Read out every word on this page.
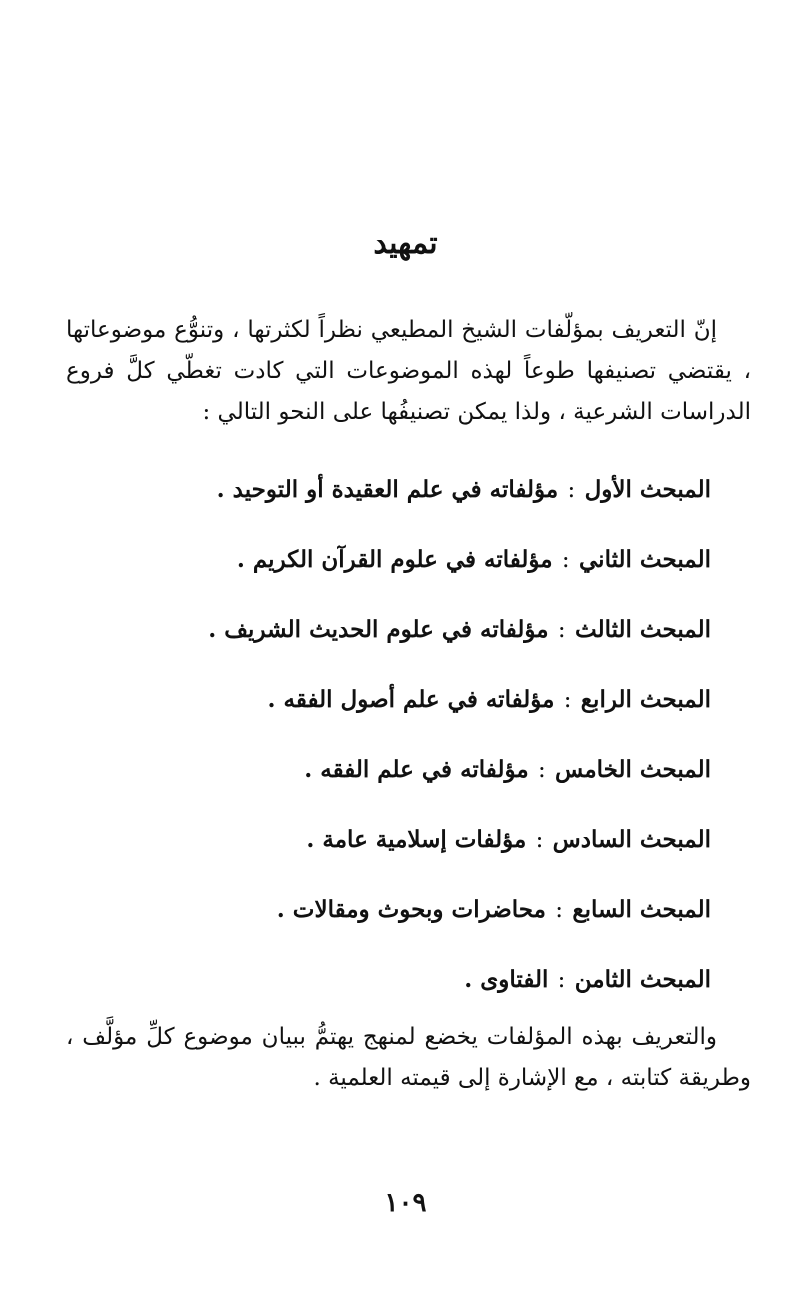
تمهيد
إنّ التعريف بمؤلّفات الشيخ المطيعي نظراً لكثرتها ، وتنوُّع موضوعاتها ، يقتضي تصنيفها طوعاً لهذه الموضوعات التي كادت تغطّي كلَّ فروع الدراسات الشرعية ، ولذا يمكن تصنيفُها على النحو التالي :
المبحث الأول : مؤلفاته في علم العقيدة أو التوحيد .
المبحث الثاني : مؤلفاته في علوم القرآن الكريم .
المبحث الثالث : مؤلفاته في علوم الحديث الشريف .
المبحث الرابع : مؤلفاته في علم أصول الفقه .
المبحث الخامس : مؤلفاته في علم الفقه .
المبحث السادس : مؤلفات إسلامية عامة .
المبحث السابع : محاضرات وبحوث ومقالات .
المبحث الثامن : الفتاوى .
والتعريف بهذه المؤلفات يخضع لمنهج يهتمُّ ببيان موضوع كلِّ مؤلَّف ، وطريقة كتابته ، مع الإشارة إلى قيمته العلمية .
١٠٩
